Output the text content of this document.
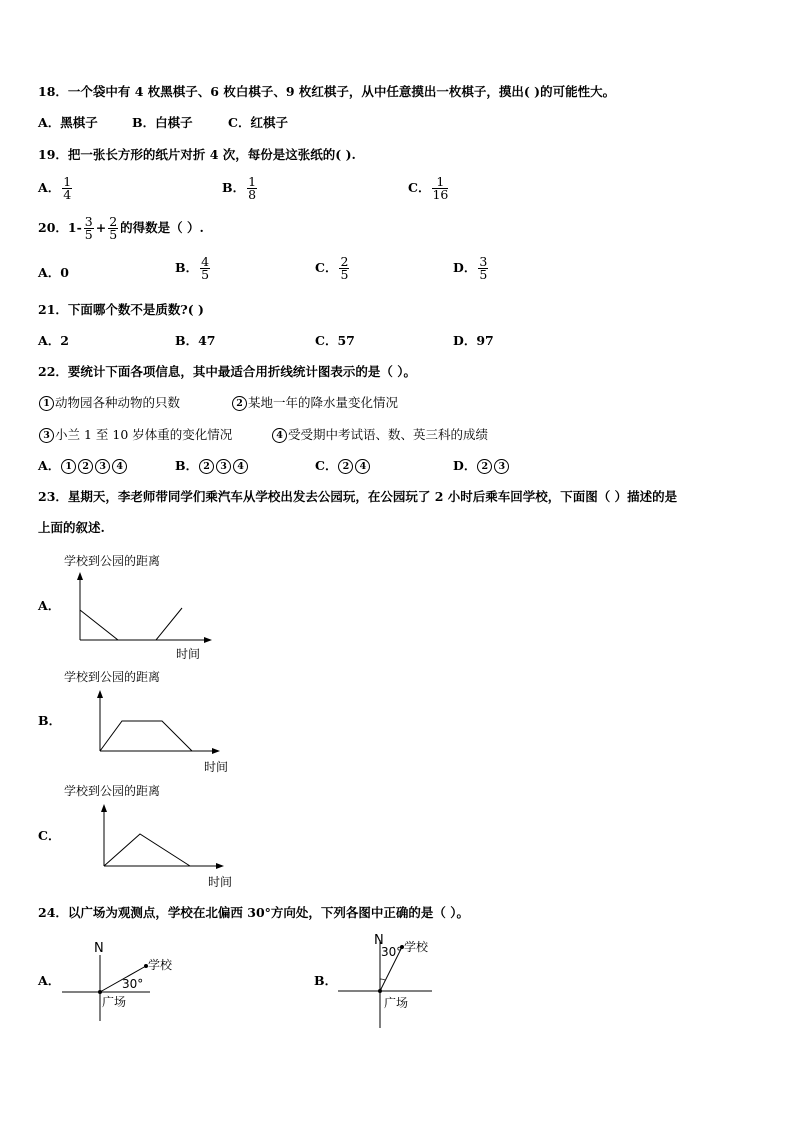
18．一个袋中有 4 枚黑棋子、6 枚白棋子、9 枚红棋子，从中任意摸出一枚棋子，摸出( )的可能性大。
A．黑棋子	B．白棋子	C．红棋子
19．把一张长方形的纸片对折 4 次，每份是这张纸的( ).
A． $\frac{1}{4}$	B． $\frac{1}{8}$	C． $\frac{1}{16}$
20．$1- \frac{3}{5} + \frac{2}{5}$ 的得数是（ ）.
A．0	B． $\frac{4}{5}$	C． $\frac{2}{5}$	D． $\frac{3}{5}$
21．下面哪个数不是质数?( )
A．2	B．47	C．57	D．97
22．要统计下面各项信息，其中最适合用折线统计图表示的是（ ）。
1 动物园各种动物的只数	2 某地一年的降水量变化情况
3 小兰 1 至 10 岁体重的变化情况	4 受受期中考试语、数、英三科的成绩
A． 1 2 3 4	B． 2 3 4	C． 2 4	D． 2 3
23．星期天，李老师带同学们乘汽车从学校出发去公园玩，在公园玩了 2 小时后乘车回学校，下面图（ ）描述的是
上面的叙述.
A．
学校到公园的距离
时间
B．
学校到公园的距离
时间
C．
学校到公园的距离
时间
24．以广场为观测点，学校在北偏西 30°方向处，下列各图中正确的是（ ）。
A．
N
学校
30°
广场
B．
N 学校
30°
广场
